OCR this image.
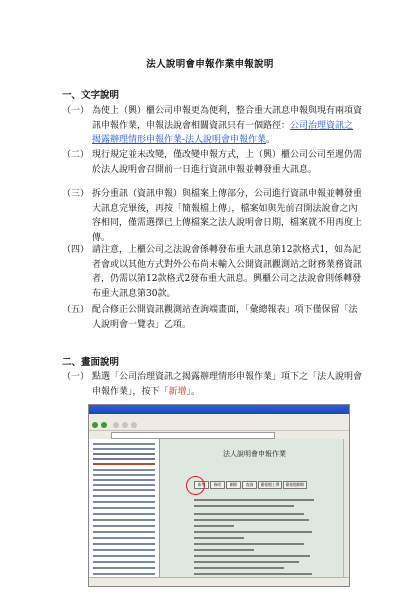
法人說明會申報作業申報說明
一、文字說明
（一） 為使上（興）櫃公司申報更為便利，整合重大訊息申報與現有兩項資訊申報作業，申報法說會相關資訊只有一個路徑：公司治理資訊之揭露辦理情形申報作業-法人說明會申報作業。
（二） 現行規定並未改變，僅改變申報方式，上（興）櫃公司公司至遲仍需於法人說明會召開前一日進行資訊申報並轉發重大訊息。
（三） 拆分重訊（資訊申報）與檔案上傳部分，公司進行資訊申報並轉發重大訊息完畢後，再按「簡報檔上傳」，檔案如與先前召開法說會之內容相同，僅需選擇已上傳檔案之法人說明會日期，檔案就不用再度上傳。
（四） 請注意，上櫃公司之法說會係轉發布重大訊息第12款格式1，如為記者會或以其他方式對外公布尚未輸入公開資訊觀測站之財務業務資訊者，仍需以第12款格式2發布重大訊息。興櫃公司之法說會則係轉發布重大訊息第30款。
（五） 配合修正公開資訊觀測站查詢端畫面，「彙總報表」項下僅保留「法人說明會一覽表」乙項。
二、畫面說明
（一） 點選「公司治理資訊之揭露辦理情形申報作業」項下之「法人說明會申報作業」，按下「新增」。
法人說明會申報作業
新增	修改	刪除	查詢	簡報檔上傳	簡報檔刪除
